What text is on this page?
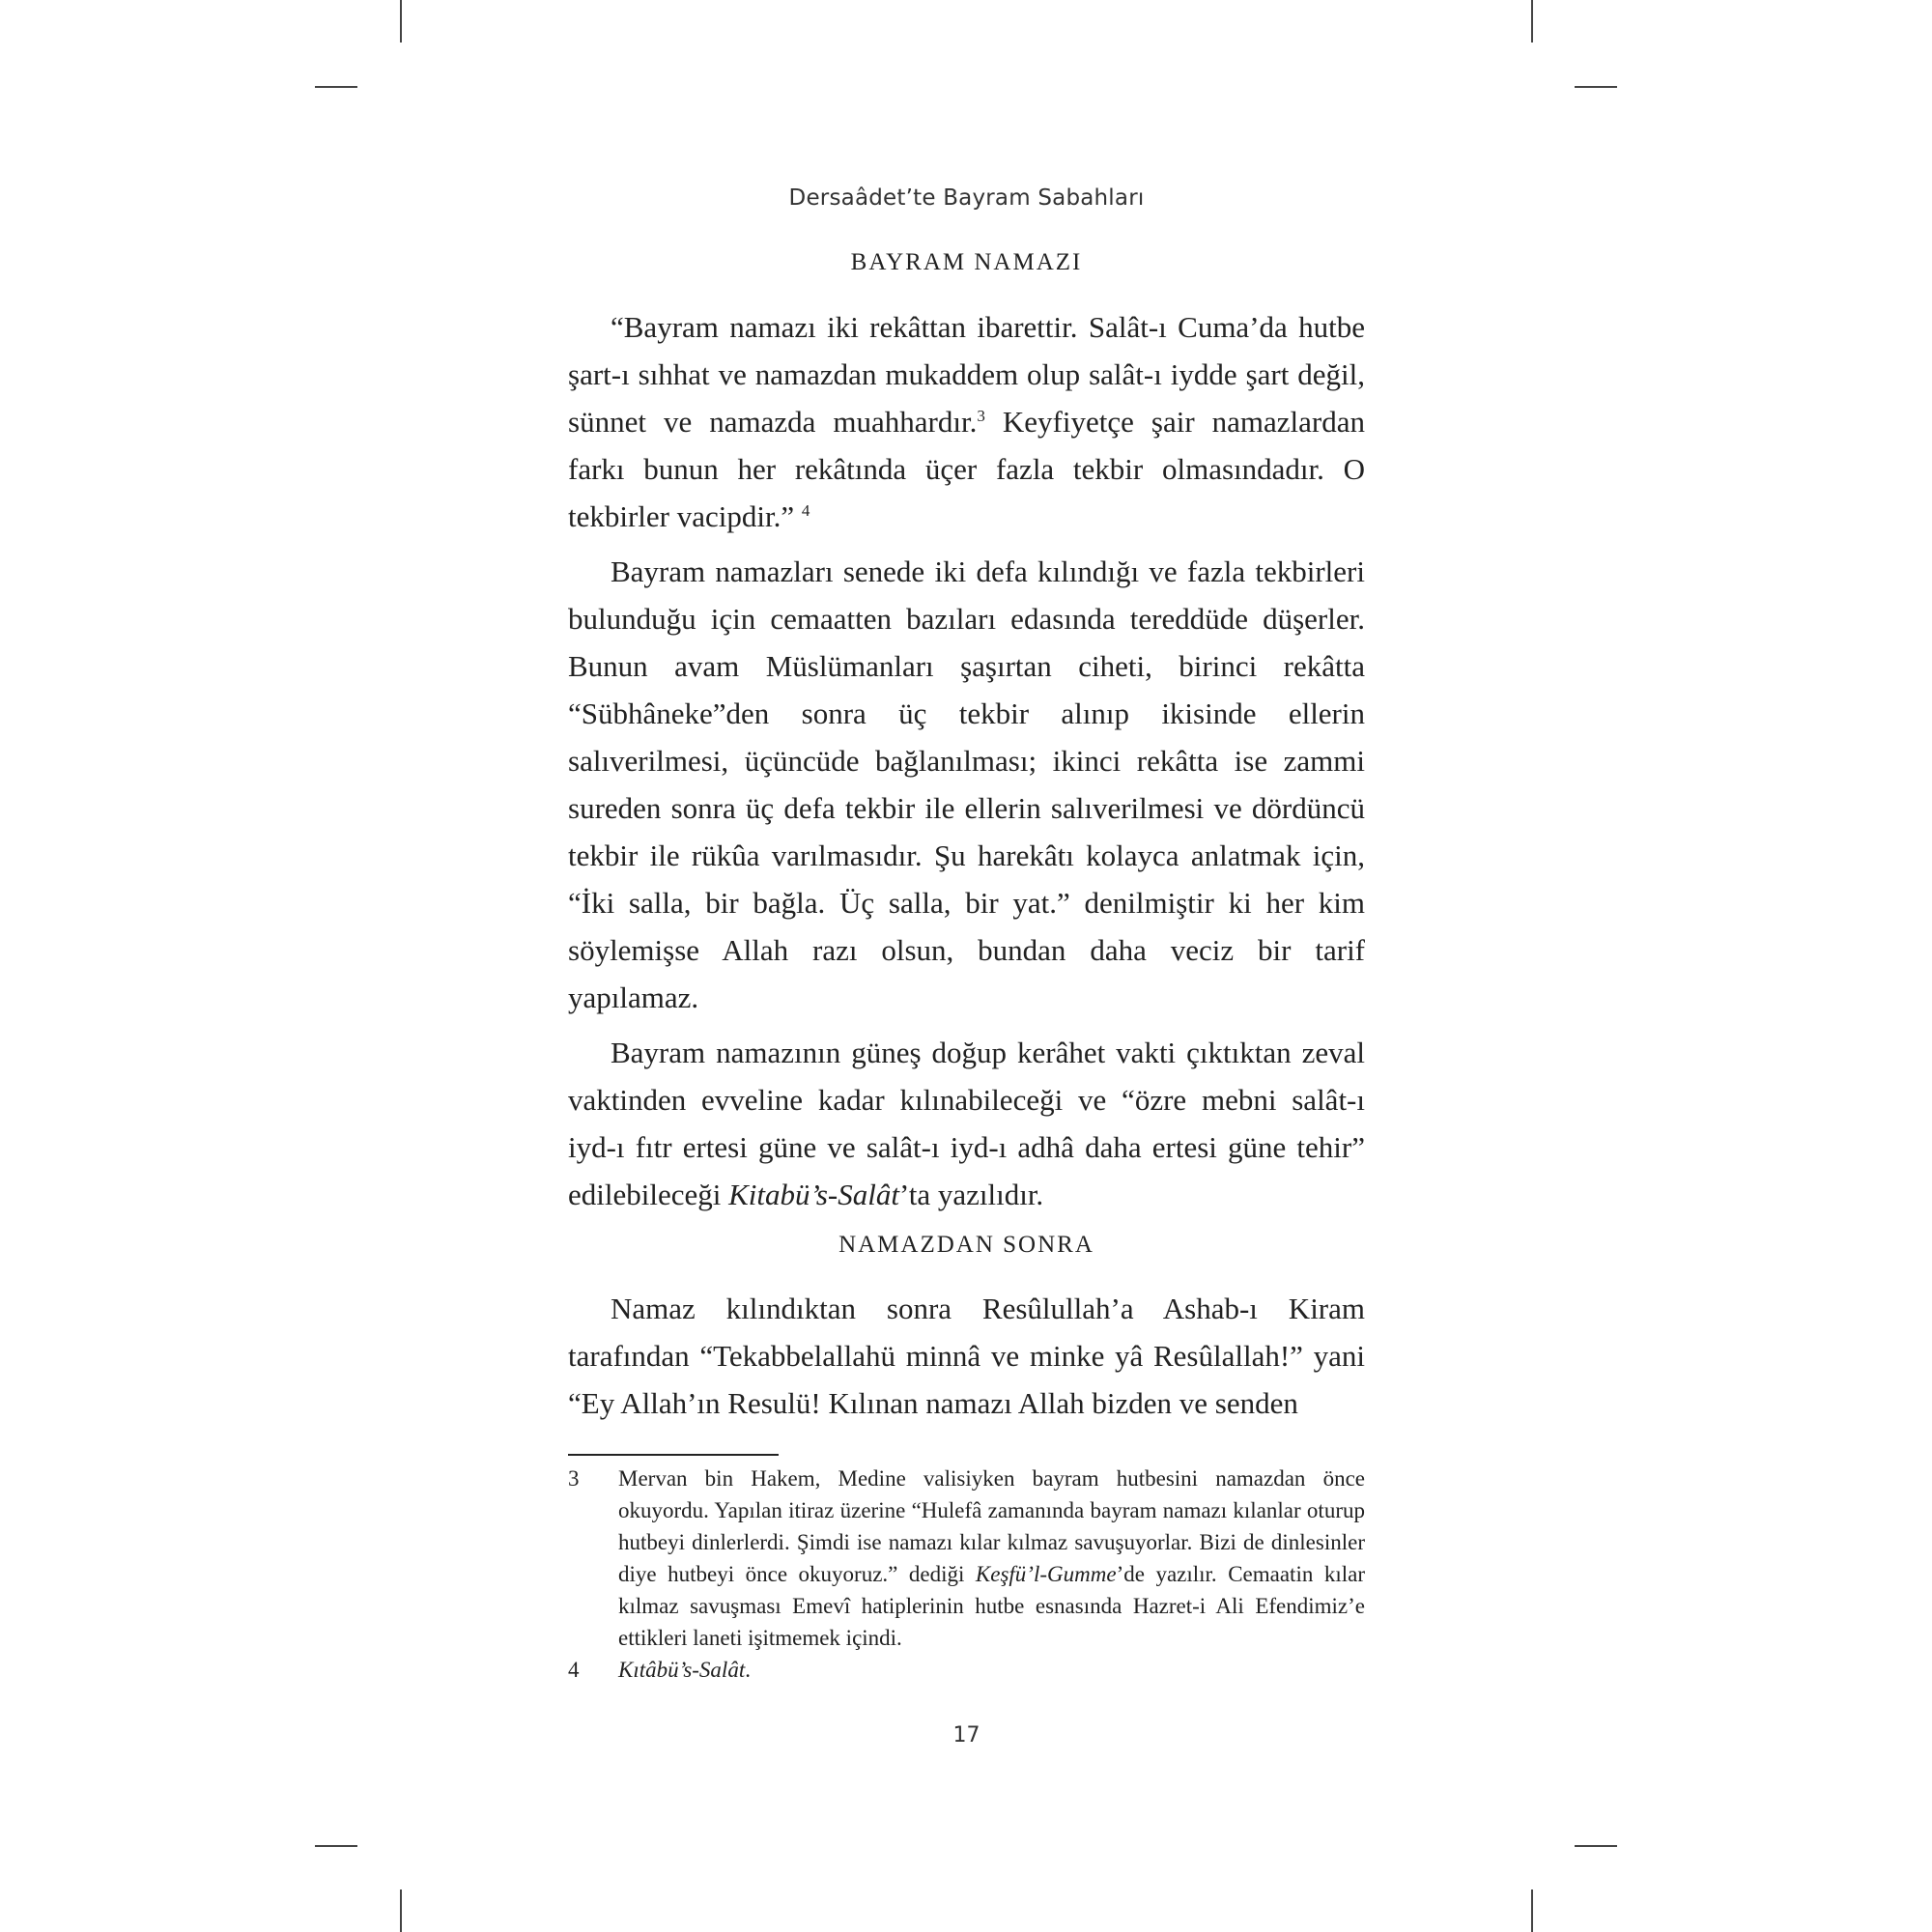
Dersaâdet’te Bayram Sabahları
BAYRAM NAMAZI

“Bayram namazı iki rekâttan ibarettir. Salât-ı Cuma’da hutbe şart-ı sıhhat ve namazdan mukaddem olup salât-ı iydde şart değil, sünnet ve namazda muahhardır.$^3$ Keyfiyetçe şair namazlardan farkı bunun her rekâtında üçer fazla tekbir olmasındadır. O tekbirler vacipdir.” $^4$

Bayram namazları senede iki defa kılındığı ve fazla tekbirleri bulunduğu için cemaatten bazıları edasında tereddüde düşerler. Bunun avam Müslümanları şaşırtan ciheti, birinci rekâtta “Sübhâneke”den sonra üç tekbir alınıp ikisinde ellerin salıverilmesi, üçüncüde bağlanılması; ikinci rekâtta ise zammi sureden sonra üç defa tekbir ile ellerin salıverilmesi ve dördüncü tekbir ile rükûa varılmasıdır. Şu harekâtı kolayca anlatmak için, “İki salla, bir bağla. Üç salla, bir yat.” denilmiştir ki her kim söylemişse Allah razı olsun, bundan daha veciz bir tarif yapılamaz.

Bayram namazının güneş doğup kerâhet vakti çıktıktan zeval vaktinden evveline kadar kılınabileceği ve “özre mebni salât-ı iyd-ı fıtr ertesi güne ve salât-ı iyd-ı adhâ daha ertesi güne tehir” edilebileceği Kitabü’s-Salât’ta yazılıdır.

NAMAZDAN SONRA

Namaz kılındıktan sonra Resûlullah’a Ashab-ı Kiram tarafından “Tekabbelallahü minnâ ve minke yâ Resûlallah!” yani “Ey Allah’ın Resulü! Kılınan namazı Allah bizden ve senden

3	Mervan bin Hakem, Medine valisiyken bayram hutbesini namazdan önce okuyordu. Yapılan itiraz üzerine “Hulefâ zamanında bayram namazı kılanlar oturup hutbeyi dinlerlerdi. Şimdi ise namazı kılar kılmaz savuşuyorlar. Bizi de dinlesinler diye hutbeyi önce okuyoruz.” dediği Keşfü’l-Gumme’de yazılır. Cemaatin kılar kılmaz savuşması Emevî hatiplerinin hutbe esnasında Hazret-i Ali Efendimiz’e ettikleri laneti işitmemek içindi.
4	Kıtâbü’s-Salât.
17
